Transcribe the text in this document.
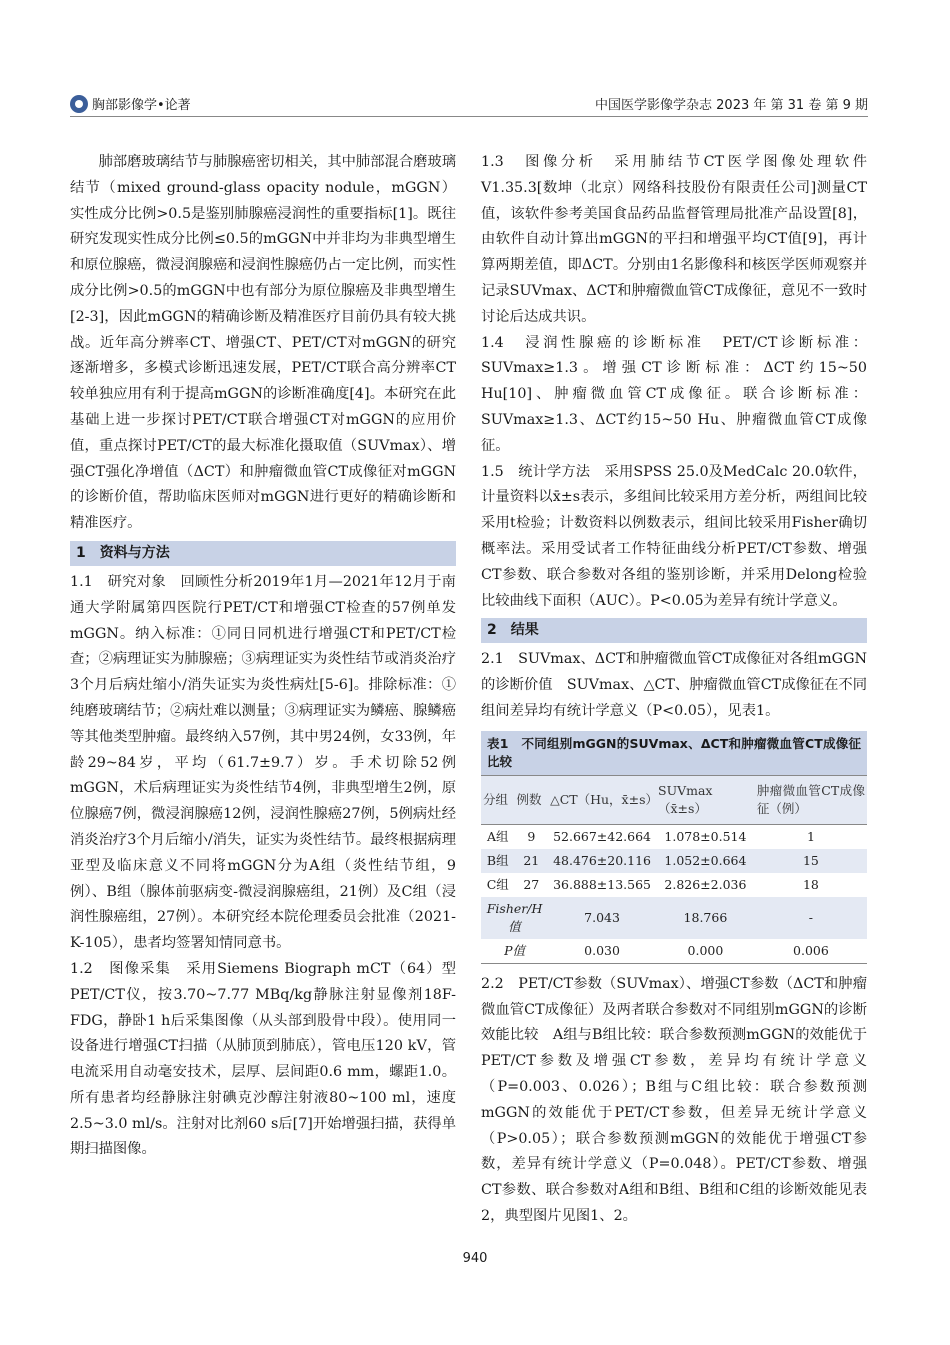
胸部影像学•论著	中国医学影像学杂志 2023 年 第 31 卷 第 9 期

肺部磨玻璃结节与肺腺癌密切相关，其中肺部混合磨玻璃结节（mixed ground-glass opacity nodule，mGGN）实性成分比例>0.5是鉴别肺腺癌浸润性的重要指标[1]。既往研究发现实性成分比例≤0.5的mGGN中并非均为非典型增生和原位腺癌，微浸润腺癌和浸润性腺癌仍占一定比例，而实性成分比例>0.5的mGGN中也有部分为原位腺癌及非典型增生[2-3]，因此mGGN的精确诊断及精准医疗目前仍具有较大挑战。近年高分辨率CT、增强CT、PET/CT对mGGN的研究逐渐增多，多模式诊断迅速发展，PET/CT联合高分辨率CT较单独应用有利于提高mGGN的诊断准确度[4]。本研究在此基础上进一步探讨PET/CT联合增强CT对mGGN的应用价值，重点探讨PET/CT的最大标准化摄取值（SUVmax）、增强CT强化净增值（ΔCT）和肿瘤微血管CT成像征对mGGN的诊断价值，帮助临床医师对mGGN进行更好的精确诊断和精准医疗。

1 资料与方法

1.1　研究对象　 回顾性分析2019年1月—2021年12月于南通大学附属第四医院行PET/CT和增强CT检查的57例单发mGGN。纳入标准：①同日同机进行增强CT和PET/CT检查；②病理证实为肺腺癌；③病理证实为炎性结节或消炎治疗3个月后病灶缩小/消失证实为炎性病灶[5-6]。排除标准：①纯磨玻璃结节；②病灶难以测量；③病理证实为鳞癌、腺鳞癌等其他类型肿瘤。最终纳入57例，其中男24例，女33例，年龄29~84岁，平均（61.7±9.7）岁。手术切除52例mGGN，术后病理证实为炎性结节4例，非典型增生2例，原位腺癌7例，微浸润腺癌12例，浸润性腺癌27例，5例病灶经消炎治疗3个月后缩小/消失，证实为炎性结节。最终根据病理亚型及临床意义不同将mGGN分为A组（炎性结节组，9例）、B组（腺体前驱病变-微浸润腺癌组，21例）及C组（浸润性腺癌组，27例）。本研究经本院伦理委员会批准（2021-K-105），患者均签署知情同意书。

1.2　图像采集　 采用Siemens Biograph mCT（64）型PET/CT仪，按3.70~7.77 MBq/kg静脉注射显像剂18F-FDG，静卧1 h后采集图像（从头部到股骨中段）。使用同一设备进行增强CT扫描（从肺顶到肺底），管电压120 kV，管电流采用自动毫安技术，层厚、层间距0.6 mm，螺距1.0。所有患者均经静脉注射碘克沙醇注射液80~100 ml，速度2.5~3.0 ml/s。注射对比剂60 s后[7]开始增强扫描，获得单期扫描图像。

1.3　图像分析　 采用肺结节CT医学图像处理软件V1.35.3[数坤（北京）网络科技股份有限责任公司]测量CT值，该软件参考美国食品药品监督管理局批准产品设置[8]，由软件自动计算出mGGN的平扫和增强平均CT值[9]，再计算两期差值，即ΔCT。分别由1名影像科和核医学医师观察并记录SUVmax、ΔCT和肿瘤微血管CT成像征，意见不一致时讨论后达成共识。

1.4　浸润性腺癌的诊断标准　 PET/CT诊断标准：SUVmax≥1.3。增强CT诊断标准：ΔCT约15~50 Hu[10]、肿瘤微血管CT成像征。联合诊断标准：SUVmax≥1.3、ΔCT约15~50 Hu、肿瘤微血管CT成像征。

1.5　统计学方法　 采用SPSS 25.0及MedCalc 20.0软件，计量资料以x̄±s表示，多组间比较采用方差分析，两组间比较采用t检验；计数资料以例数表示，组间比较采用Fisher确切概率法。采用受试者工作特征曲线分析PET/CT参数、增强CT参数、联合参数对各组的鉴别诊断，并采用Delong检验比较曲线下面积（AUC）。P<0.05为差异有统计学意义。

2 结果

2.1　SUVmax、ΔCT和肿瘤微血管CT成像征对各组mGGN的诊断价值　 SUVmax、△CT、肿瘤微血管CT成像征在不同组间差异均有统计学意义（P<0.05），见表1。

表1　不同组别mGGN的SUVmax、ΔCT和肿瘤微血管CT成像征比较
分组	例数	△CT（Hu，x̄±s）	SUVmax（x̄±s）	肿瘤微血管CT成像征（例）
A组	9	52.667±42.664	1.078±0.514	1
B组	21	48.476±20.116	1.052±0.664	15
C组	27	36.888±13.565	2.826±2.036	18
Fisher/H值		7.043	18.766	-
P值		0.030	0.000	0.006

2.2　PET/CT参数（SUVmax）、增强CT参数（ΔCT和肿瘤微血管CT成像征）及两者联合参数对不同组别mGGN的诊断效能比较　 A组与B组比较：联合参数预测mGGN的效能优于PET/CT参数及增强CT参数，差异均有统计学意义（P=0.003、0.026）；B组与C组比较：联合参数预测mGGN的效能优于PET/CT参数，但差异无统计学意义（P>0.05）；联合参数预测mGGN的效能优于增强CT参数，差异有统计学意义（P=0.048）。PET/CT参数、增强CT参数、联合参数对A组和B组、B组和C组的诊断效能见表2，典型图片见图1、2。

940
